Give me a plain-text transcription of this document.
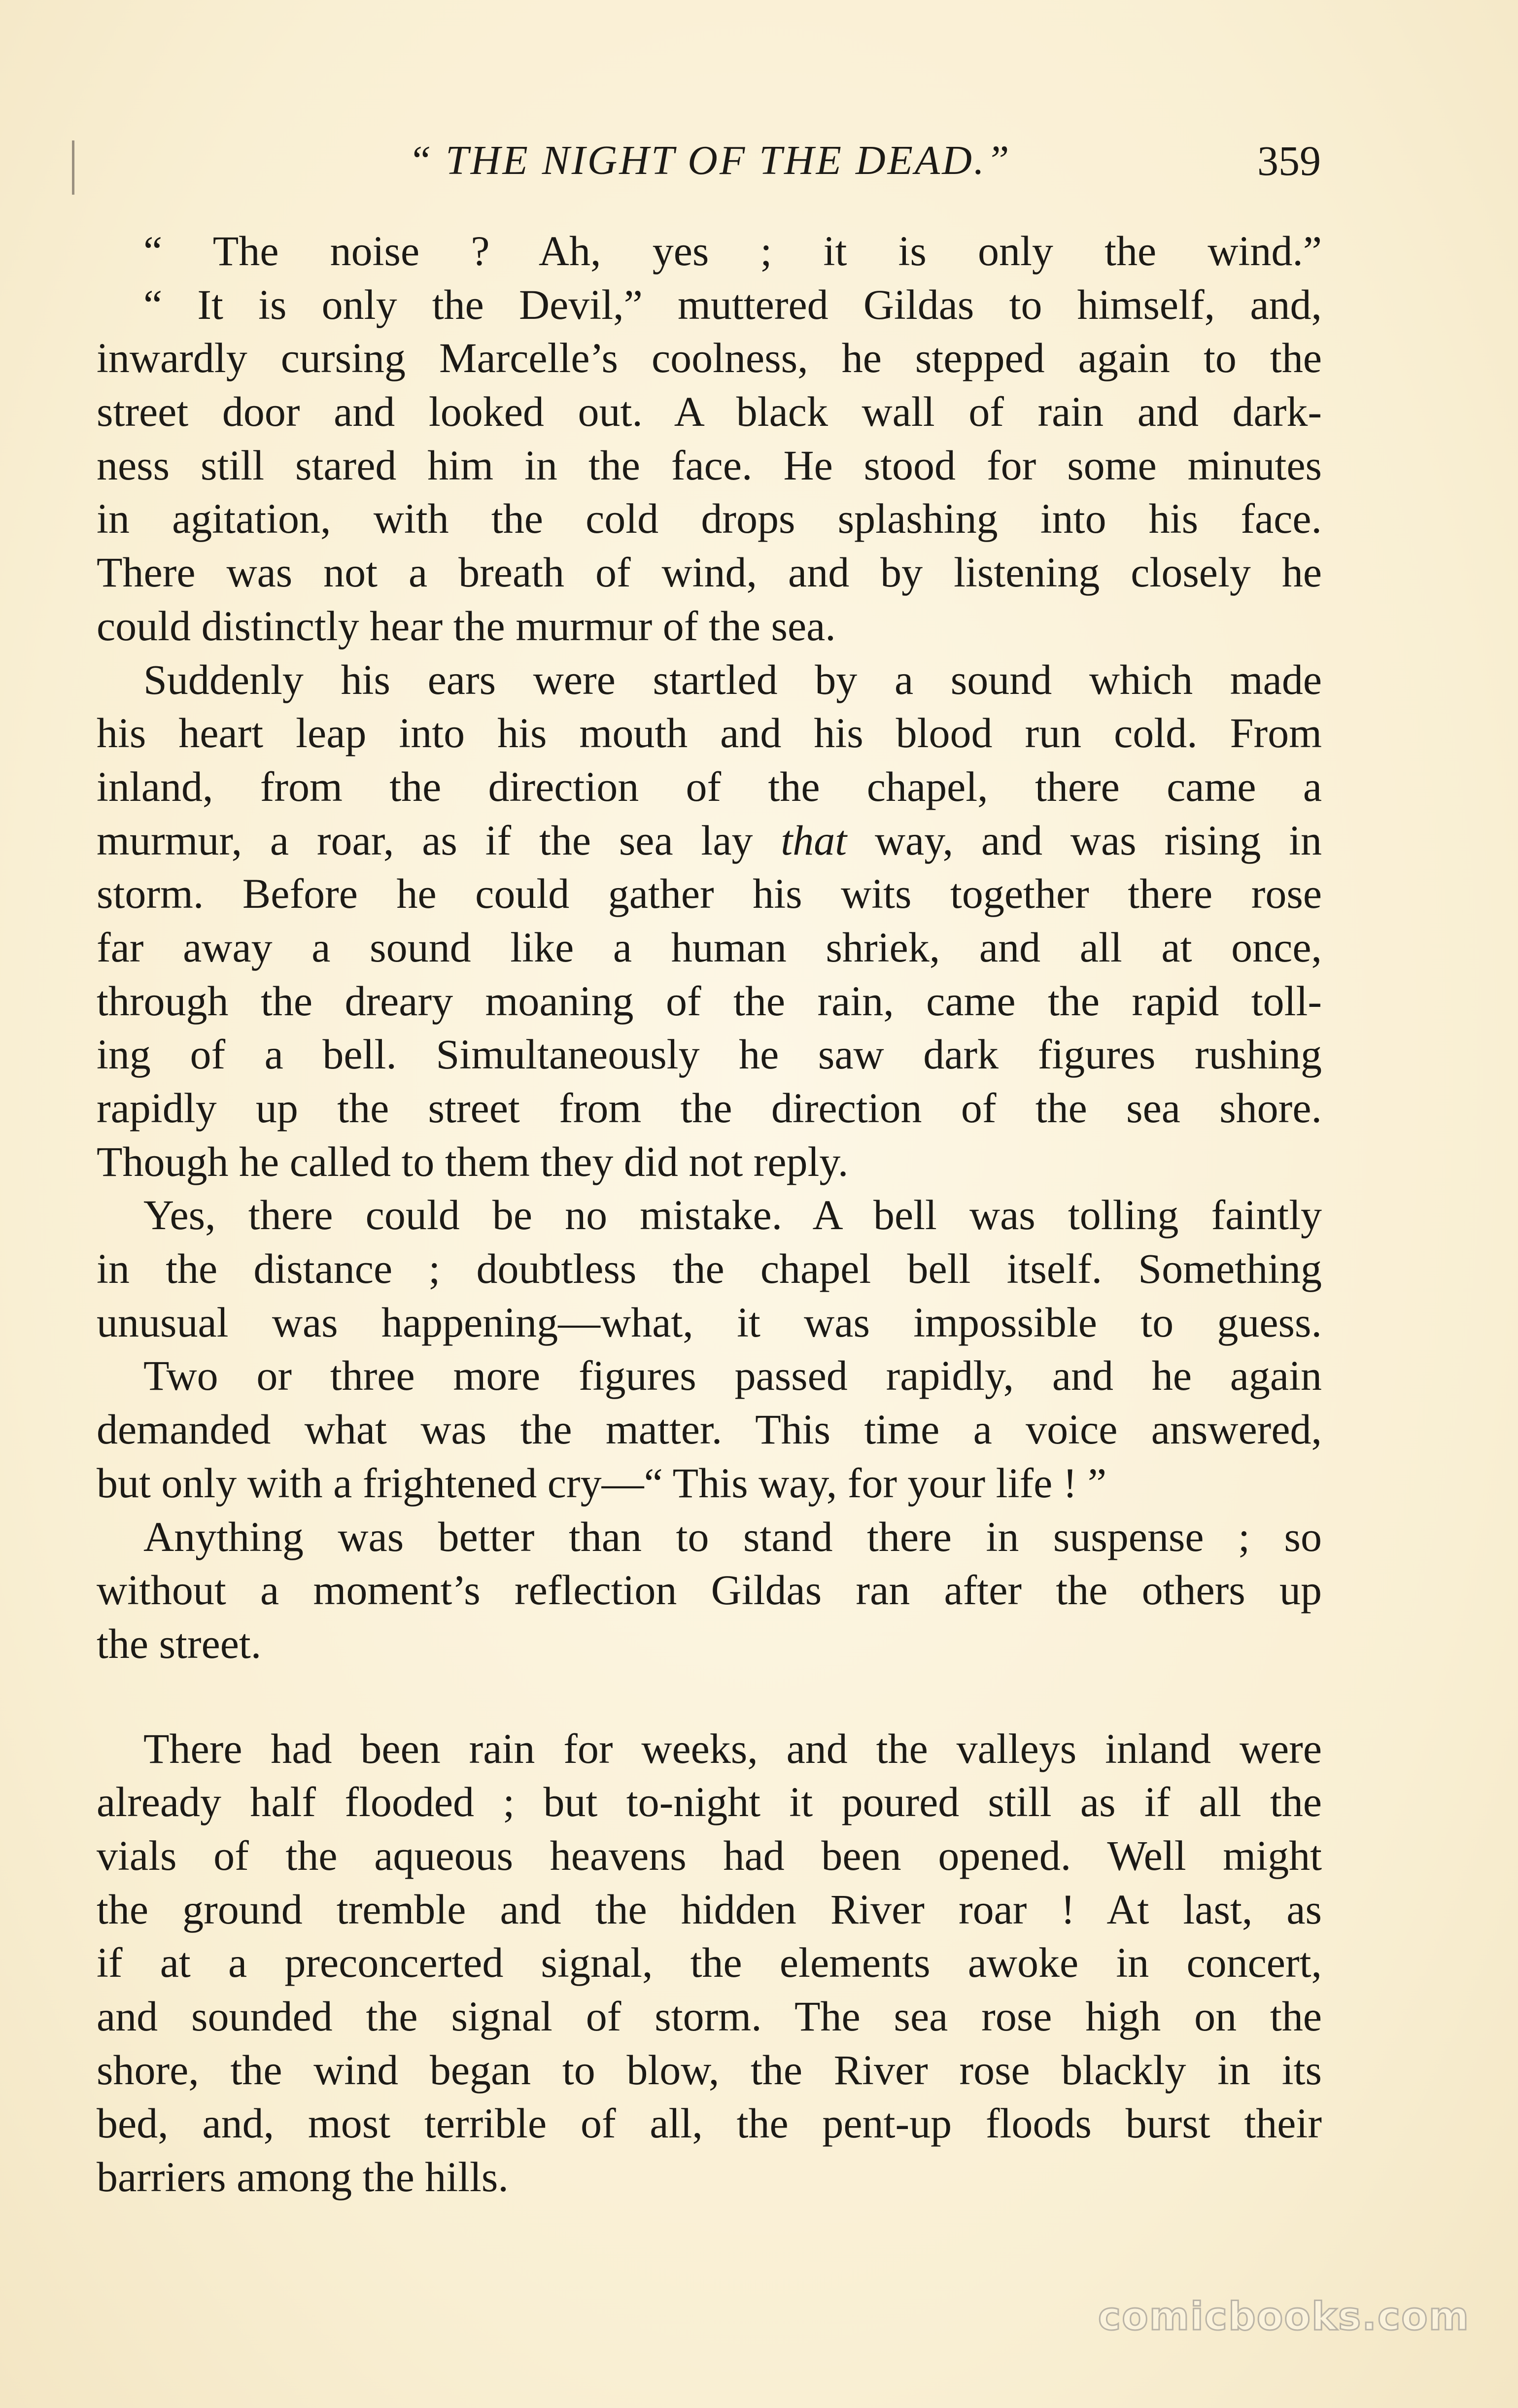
“ THE NIGHT OF THE DEAD.”	359
“ The noise ? Ah, yes ; it is only the wind.”
“ It is only the Devil,” muttered Gildas to himself, and,
inwardly cursing Marcelle’s coolness, he stepped again to the
street door and looked out. A black wall of rain and dark-
ness still stared him in the face. He stood for some minutes
in agitation, with the cold drops splashing into his face.
There was not a breath of wind, and by listening closely he
could distinctly hear the murmur of the sea.
Suddenly his ears were startled by a sound which made
his heart leap into his mouth and his blood run cold. From
inland, from the direction of the chapel, there came a
murmur, a roar, as if the sea lay that way, and was rising in
storm. Before he could gather his wits together there rose
far away a sound like a human shriek, and all at once,
through the dreary moaning of the rain, came the rapid toll-
ing of a bell. Simultaneously he saw dark figures rushing
rapidly up the street from the direction of the sea shore.
Though he called to them they did not reply.
Yes, there could be no mistake. A bell was tolling faintly
in the distance ; doubtless the chapel bell itself. Something
unusual was happening—what, it was impossible to guess.
Two or three more figures passed rapidly, and he again
demanded what was the matter. This time a voice answered,
but only with a frightened cry—“ This way, for your life ! ”
Anything was better than to stand there in suspense ; so
without a moment’s reflection Gildas ran after the others up
the street.
There had been rain for weeks, and the valleys inland were
already half flooded ; but to-night it poured still as if all the
vials of the aqueous heavens had been opened. Well might
the ground tremble and the hidden River roar ! At last, as
if at a preconcerted signal, the elements awoke in concert,
and sounded the signal of storm. The sea rose high on the
shore, the wind began to blow, the River rose blackly in its
bed, and, most terrible of all, the pent-up floods burst their
barriers among the hills.
comicbooks.com
